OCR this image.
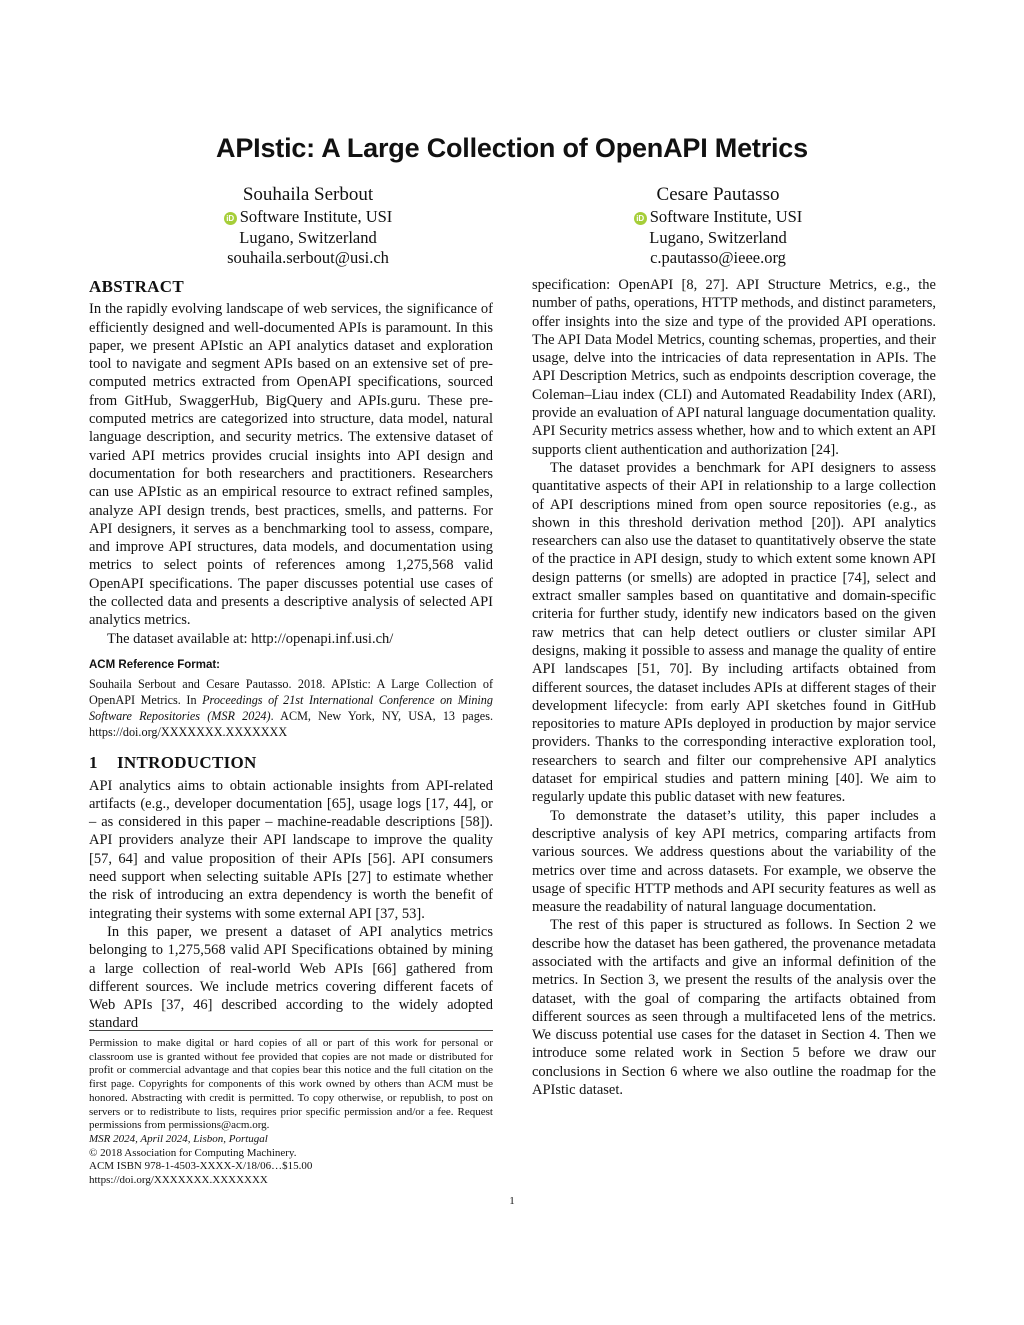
APIstic: A Large Collection of OpenAPI Metrics
Souhaila Serbout
iD Software Institute, USI
Lugano, Switzerland
souhaila.serbout@usi.ch
Cesare Pautasso
iD Software Institute, USI
Lugano, Switzerland
c.pautasso@ieee.org
ABSTRACT

In the rapidly evolving landscape of web services, the significance of efficiently designed and well-documented APIs is paramount. In this paper, we present APIstic an API analytics dataset and exploration tool to navigate and segment APIs based on an extensive set of pre-computed metrics extracted from OpenAPI specifications, sourced from GitHub, SwaggerHub, BigQuery and APIs.guru. These pre-computed metrics are categorized into structure, data model, natural language description, and security metrics. The extensive dataset of varied API metrics provides crucial insights into API design and documentation for both researchers and practitioners. Researchers can use APIstic as an empirical resource to extract refined samples, analyze API design trends, best practices, smells, and patterns. For API designers, it serves as a benchmarking tool to assess, compare, and improve API structures, data models, and documentation using metrics to select points of references among 1,275,568 valid OpenAPI specifications. The paper discusses potential use cases of the collected data and presents a descriptive analysis of selected API analytics metrics.

The dataset available at: http://openapi.inf.usi.ch/

ACM Reference Format:
Souhaila Serbout and Cesare Pautasso. 2018. APIstic: A Large Collection of OpenAPI Metrics. In Proceedings of 21st International Conference on Mining Software Repositories (MSR 2024). ACM, New York, NY, USA, 13 pages. https://doi.org/XXXXXXX.XXXXXXX
1 INTRODUCTION

API analytics aims to obtain actionable insights from API-related artifacts (e.g., developer documentation [65], usage logs [17, 44], or – as considered in this paper – machine-readable descriptions [58]). API providers analyze their API landscape to improve the quality [57, 64] and value proposition of their APIs [56]. API consumers need support when selecting suitable APIs [27] to estimate whether the risk of introducing an extra dependency is worth the benefit of integrating their systems with some external API [37, 53].

In this paper, we present a dataset of API analytics metrics belonging to 1,275,568 valid API Specifications obtained by mining a large collection of real-world Web APIs [66] gathered from different sources. We include metrics covering different facets of Web APIs [37, 46] described according to the widely adopted standard

specification: OpenAPI [8, 27]. API Structure Metrics, e.g., the number of paths, operations, HTTP methods, and distinct parameters, offer insights into the size and type of the provided API operations. The API Data Model Metrics, counting schemas, properties, and their usage, delve into the intricacies of data representation in APIs. The API Description Metrics, such as endpoints description coverage, the Coleman–Liau index (CLI) and Automated Readability Index (ARI), provide an evaluation of API natural language documentation quality. API Security metrics assess whether, how and to which extent an API supports client authentication and authorization [24].

The dataset provides a benchmark for API designers to assess quantitative aspects of their API in relationship to a large collection of API descriptions mined from open source repositories (e.g., as shown in this threshold derivation method [20]). API analytics researchers can also use the dataset to quantitatively observe the state of the practice in API design, study to which extent some known API design patterns (or smells) are adopted in practice [74], select and extract smaller samples based on quantitative and domain-specific criteria for further study, identify new indicators based on the given raw metrics that can help detect outliers or cluster similar API designs, making it possible to assess and manage the quality of entire API landscapes [51, 70]. By including artifacts obtained from different sources, the dataset includes APIs at different stages of their development lifecycle: from early API sketches found in GitHub repositories to mature APIs deployed in production by major service providers. Thanks to the corresponding interactive exploration tool, researchers to search and filter our comprehensive API analytics dataset for empirical studies and pattern mining [40]. We aim to regularly update this public dataset with new features.

To demonstrate the dataset’s utility, this paper includes a descriptive analysis of key API metrics, comparing artifacts from various sources. We address questions about the variability of the metrics over time and across datasets. For example, we observe the usage of specific HTTP methods and API security features as well as measure the readability of natural language documentation.

The rest of this paper is structured as follows. In Section 2 we describe how the dataset has been gathered, the provenance metadata associated with the artifacts and give an informal definition of the metrics. In Section 3, we present the results of the analysis over the dataset, with the goal of comparing the artifacts obtained from different sources as seen through a multifaceted lens of the metrics. We discuss potential use cases for the dataset in Section 4. Then we introduce some related work in Section 5 before we draw our conclusions in Section 6 where we also outline the roadmap for the APIstic dataset.

Permission to make digital or hard copies of all or part of this work for personal or classroom use is granted without fee provided that copies are not made or distributed for profit or commercial advantage and that copies bear this notice and the full citation on the first page. Copyrights for components of this work owned by others than ACM must be honored. Abstracting with credit is permitted. To copy otherwise, or republish, to post on servers or to redistribute to lists, requires prior specific permission and/or a fee. Request permissions from permissions@acm.org.
MSR 2024, April 2024, Lisbon, Portugal
© 2018 Association for Computing Machinery.
ACM ISBN 978-1-4503-XXXX-X/18/06…$15.00
https://doi.org/XXXXXXX.XXXXXXX
1
